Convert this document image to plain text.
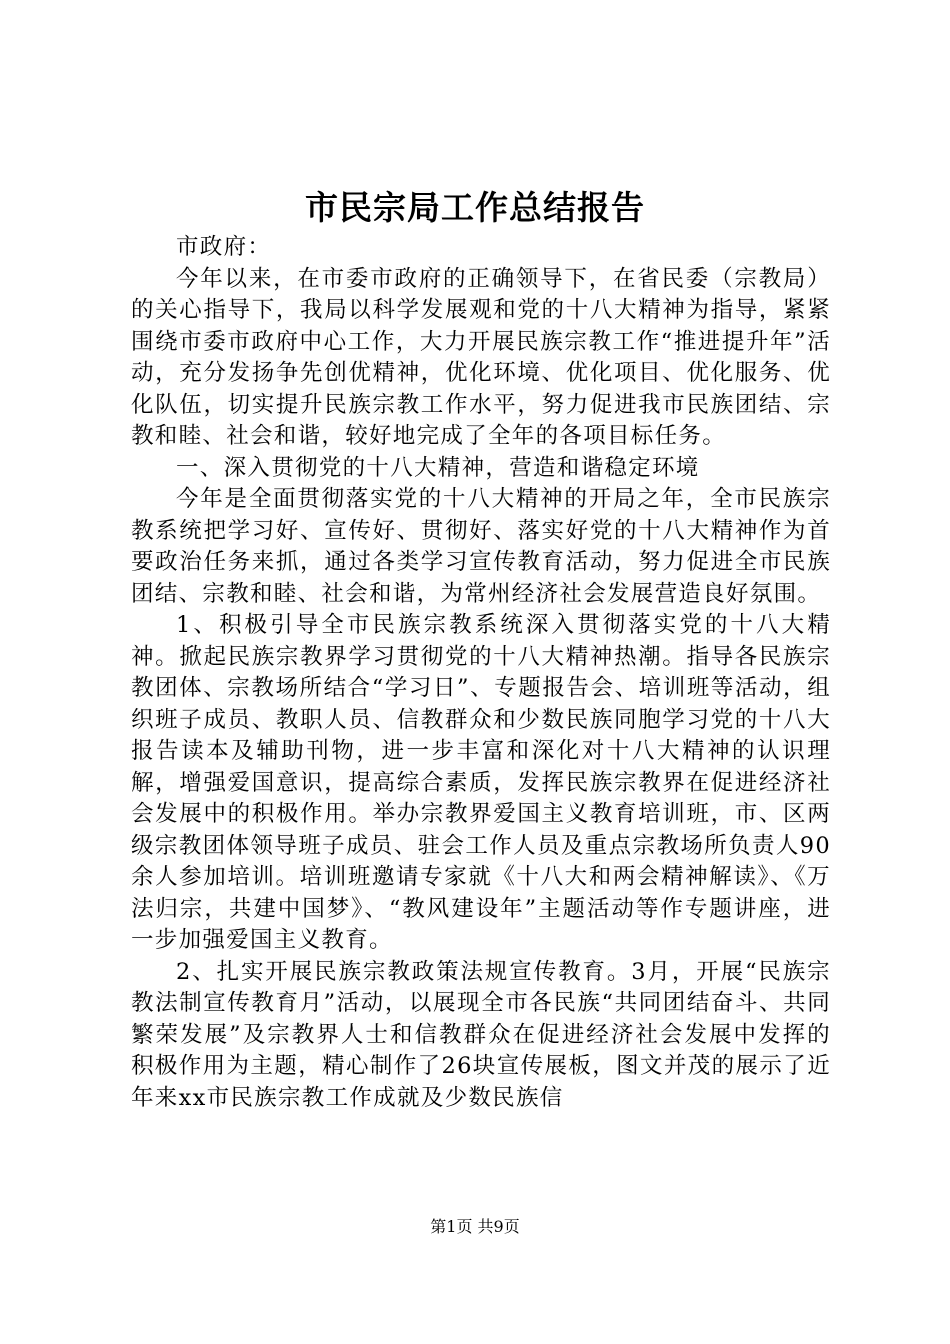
市民宗局工作总结报告

市政府：

今年以来，在市委市政府的正确领导下，在省民委（宗教局）的关心指导下，我局以科学发展观和党的十八大精神为指导，紧紧围绕市委市政府中心工作，大力开展民族宗教工作“推进提升年”活动，充分发扬争先创优精神，优化环境、优化项目、优化服务、优化队伍，切实提升民族宗教工作水平，努力促进我市民族团结、宗教和睦、社会和谐，较好地完成了全年的各项目标任务。

一、深入贯彻党的十八大精神，营造和谐稳定环境

今年是全面贯彻落实党的十八大精神的开局之年，全市民族宗教系统把学习好、宣传好、贯彻好、落实好党的十八大精神作为首要政治任务来抓，通过各类学习宣传教育活动，努力促进全市民族团结、宗教和睦、社会和谐，为常州经济社会发展营造良好氛围。

1、积极引导全市民族宗教系统深入贯彻落实党的十八大精神。掀起民族宗教界学习贯彻党的十八大精神热潮。指导各民族宗教团体、宗教场所结合“学习日”、专题报告会、培训班等活动，组织班子成员、教职人员、信教群众和少数民族同胞学习党的十八大报告读本及辅助刊物，进一步丰富和深化对十八大精神的认识理解，增强爱国意识，提高综合素质，发挥民族宗教界在促进经济社会发展中的积极作用。举办宗教界爱国主义教育培训班，市、区两级宗教团体领导班子成员、驻会工作人员及重点宗教场所负责人90余人参加培训。培训班邀请专家就《十八大和两会精神解读》、《万法归宗，共建中国梦》、“教风建设年”主题活动等作专题讲座，进一步加强爱国主义教育。

2、扎实开展民族宗教政策法规宣传教育。3月，开展“民族宗教法制宣传教育月”活动，以展现全市各民族“共同团结奋斗、共同繁荣发展”及宗教界人士和信教群众在促进经济社会发展中发挥的积极作用为主题，精心制作了26块宣传展板，图文并茂的展示了近年来xx市民族宗教工作成就及少数民族信

第1页 共9页
